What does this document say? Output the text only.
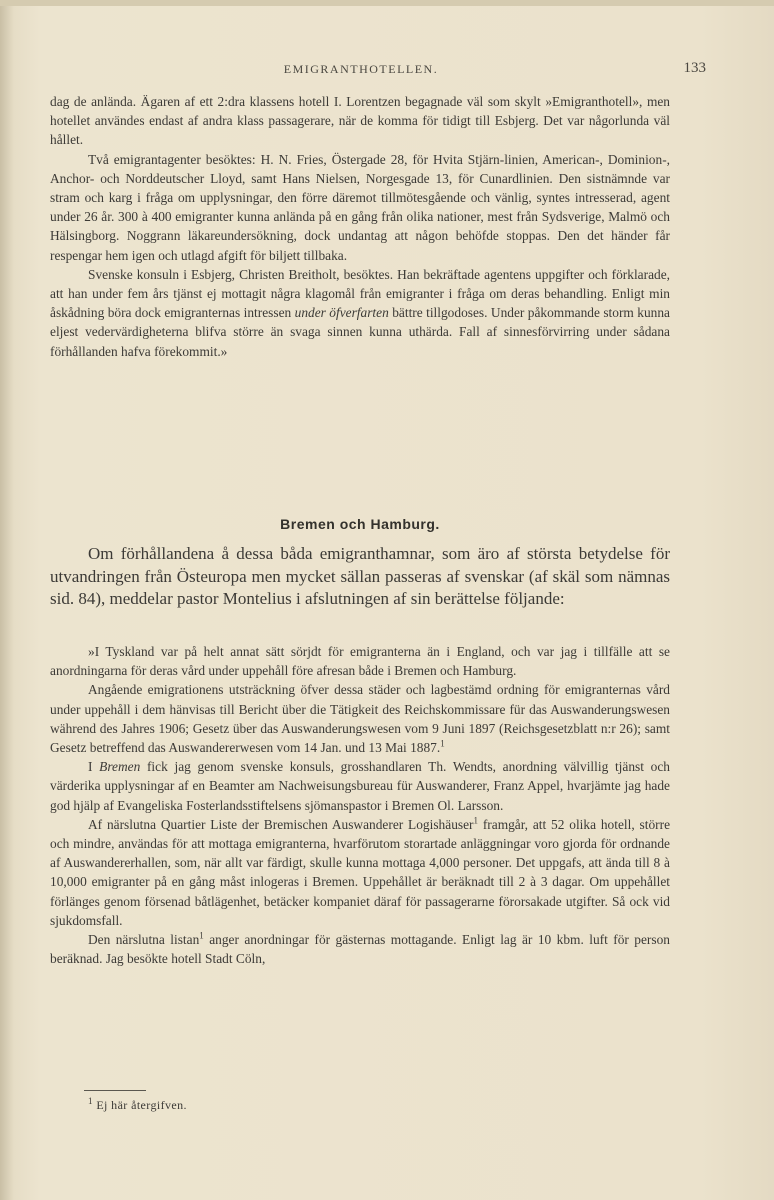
EMIGRANTHOTELLEN.	133

dag de anlända. Ägaren af ett 2:dra klassens hotell I. Lorentzen begagnade väl som skylt »Emigranthotell», men hotellet användes endast af andra klass passagerare, när de komma för tidigt till Esbjerg. Det var någorlunda väl hållet.

Två emigrantagenter besöktes: H. N. Fries, Östergade 28, för Hvita Stjärn-linien, American-, Dominion-, Anchor- och Norddeutscher Lloyd, samt Hans Nielsen, Norgesgade 13, för Cunardlinien. Den sistnämnde var stram och karg i fråga om upplysningar, den förre däremot tillmötesgående och vänlig, syntes intresserad, agent under 26 år. 300 à 400 emigranter kunna anlända på en gång från olika nationer, mest från Sydsverige, Malmö och Hälsingborg. Noggrann läkareundersökning, dock undantag att någon behöfde stoppas. Den det händer får respengar hem igen och utlagd afgift för biljett tillbaka.

Svenske konsuln i Esbjerg, Christen Breitholt, besöktes. Han bekräftade agentens uppgifter och förklarade, att han under fem års tjänst ej mottagit några klagomål från emigranter i fråga om deras behandling. Enligt min åskådning böra dock emigranternas intressen under öfverfarten bättre tillgodoses. Under påkommande storm kunna eljest vedervärdigheterna blifva större än svaga sinnen kunna uthärda. Fall af sinnesförvirring under sådana förhållanden hafva förekommit.»

Bremen och Hamburg.

Om förhållandena å dessa båda emigranthamnar, som äro af största betydelse för utvandringen från Östeuropa men mycket sällan passeras af svenskar (af skäl som nämnas sid. 84), meddelar pastor Montelius i afslutningen af sin berättelse följande:

»I Tyskland var på helt annat sätt sörjdt för emigranterna än i England, och var jag i tillfälle att se anordningarna för deras vård under uppehåll före afresan både i Bremen och Hamburg.

Angående emigrationens utsträckning öfver dessa städer och lagbestämd ordning för emigranternas vård under uppehåll i dem hänvisas till Bericht über die Tätigkeit des Reichskommissare für das Auswanderungswesen während des Jahres 1906; Gesetz über das Auswanderungswesen vom 9 Juni 1897 (Reichsgesetzblatt n:r 26); samt Gesetz betreffend das Auswandererwesen vom 14 Jan. und 13 Mai 1887.$^1$

I Bremen fick jag genom svenske konsuls, grosshandlaren Th. Wendts, anordning välvillig tjänst och värderika upplysningar af en Beamter am Nachweisungsbureau für Auswanderer, Franz Appel, hvarjämte jag hade god hjälp af Evangeliska Fosterlandsstiftelsens sjömanspastor i Bremen Ol. Larsson.

Af närslutna Quartier Liste der Bremischen Auswanderer Logishäuser$^1$ framgår, att 52 olika hotell, större och mindre, användas för att mottaga emigranterna, hvarförutom storartade anläggningar voro gjorda för ordnande af Auswandererhallen, som, när allt var färdigt, skulle kunna mottaga 4,000 personer. Det uppgafs, att ända till 8 à 10,000 emigranter på en gång måst inlogeras i Bremen. Uppehållet är beräknadt till 2 à 3 dagar. Om uppehållet förlänges genom försenad båtlägenhet, betäcker kompaniet däraf för passagerarne förorsakade utgifter. Så ock vid sjukdomsfall.

Den närslutna listan$^1$ anger anordningar för gästernas mottagande. Enligt lag är 10 kbm. luft för person beräknad. Jag besökte hotell Stadt Cöln,

$^1$ Ej här återgifven.
